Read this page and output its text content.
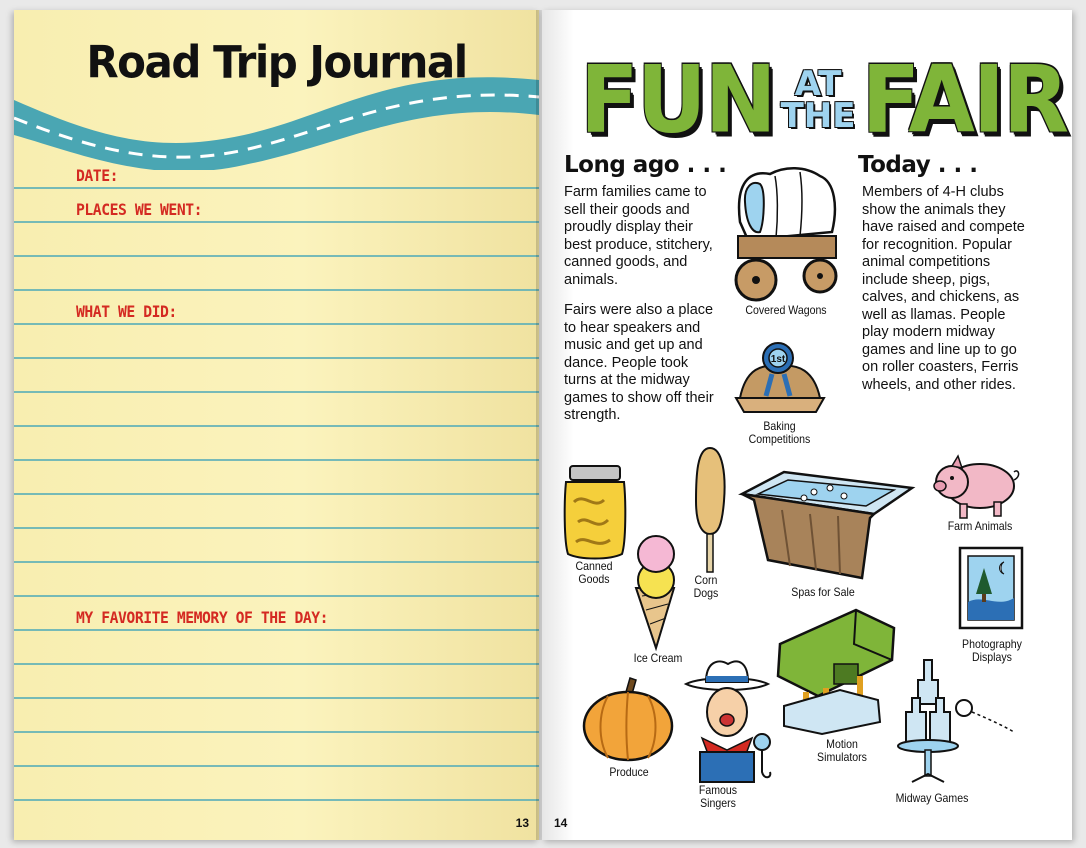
Road Trip Journal
DATE:
PLACES WE WENT:
WHAT WE DID:
MY FAVORITE MEMORY OF THE DAY:
13
FUN AT
THE FAIR
Long ago . . .
Farm families came to sell their goods and proudly display their best produce, stitchery, canned goods, and animals.
Fairs were also a place to hear speakers and music and get up and dance. People took turns at the midway games to show off their strength.
Today . . .
Members of 4-H clubs show the animals they have raised and compete for recognition. Popular animal competitions include sheep, pigs, calves, and chickens, as well as llamas. People play modern midway games and line up to go on roller coasters, Ferris wheels, and other rides.
Covered Wagons
1st
Baking Competitions
Canned Goods	Corn Dogs
Ice Cream
Spas for Sale
Farm Animals
Photography Displays
Produce
Famous Singers
Motion Simulators
Midway Games
14
